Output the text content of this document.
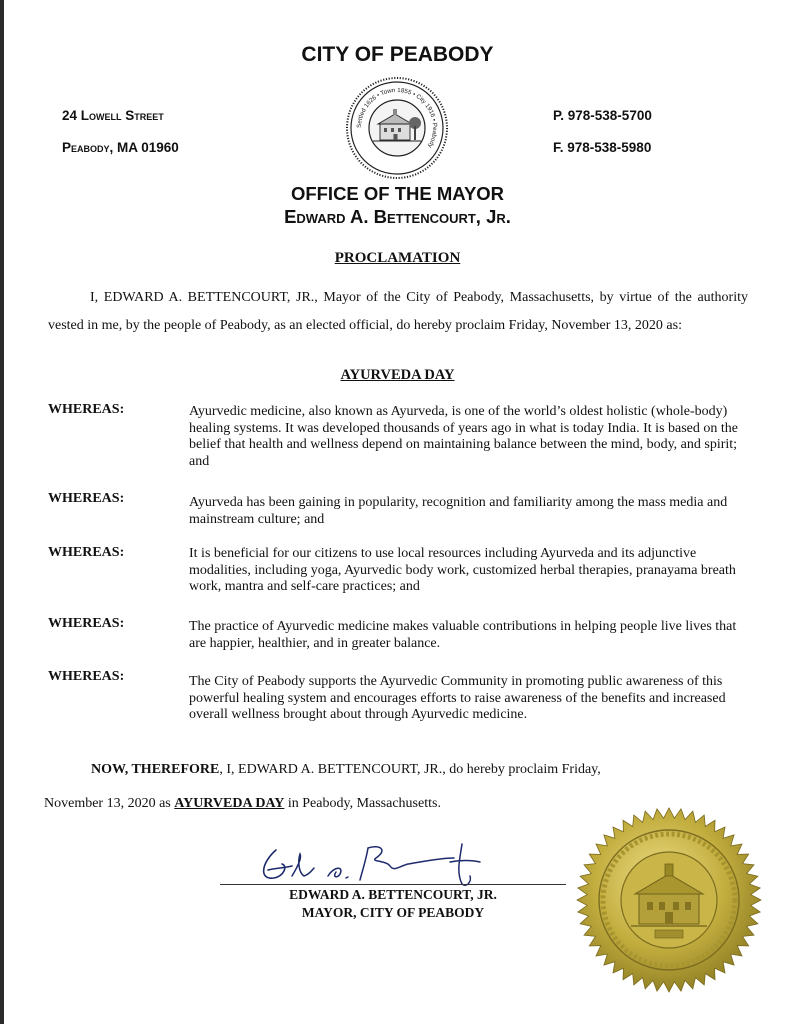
CITY OF PEABODY
24 Lowell Street
Peabody, MA 01960
P. 978-538-5700
F. 978-538-5980
Settled 1626 • Town 1855 • City 1916 • Peabody
OFFICE OF THE MAYOR
Edward A. Bettencourt, Jr.
PROCLAMATION
I, EDWARD A. BETTENCOURT, JR., Mayor of the City of Peabody, Massachusetts, by virtue of the authority vested in me, by the people of Peabody, as an elected official, do hereby proclaim Friday, November 13, 2020 as:
AYURVEDA DAY
WHEREAS:	Ayurvedic medicine, also known as Ayurveda, is one of the world’s oldest holistic (whole-body) healing systems. It was developed thousands of years ago in what is today India. It is based on the belief that health and wellness depend on maintaining balance between the mind, body, and spirit; and
WHEREAS:	Ayurveda has been gaining in popularity, recognition and familiarity among the mass media and mainstream culture; and
WHEREAS:	It is beneficial for our citizens to use local resources including Ayurveda and its adjunctive modalities, including yoga, Ayurvedic body work, customized herbal therapies, pranayama breath work, mantra and self-care practices; and
WHEREAS:	The practice of Ayurvedic medicine makes valuable contributions in helping people live lives that are happier, healthier, and in greater balance.
WHEREAS:	The City of Peabody supports the Ayurvedic Community in promoting public awareness of this powerful healing system and encourages efforts to raise awareness of the benefits and increased overall wellness brought about through Ayurvedic medicine.
NOW, THEREFORE, I, EDWARD A. BETTENCOURT, JR., do hereby proclaim Friday,
November 13, 2020 as AYURVEDA DAY in Peabody, Massachusetts.
EDWARD A. BETTENCOURT, JR.
MAYOR, CITY OF PEABODY
